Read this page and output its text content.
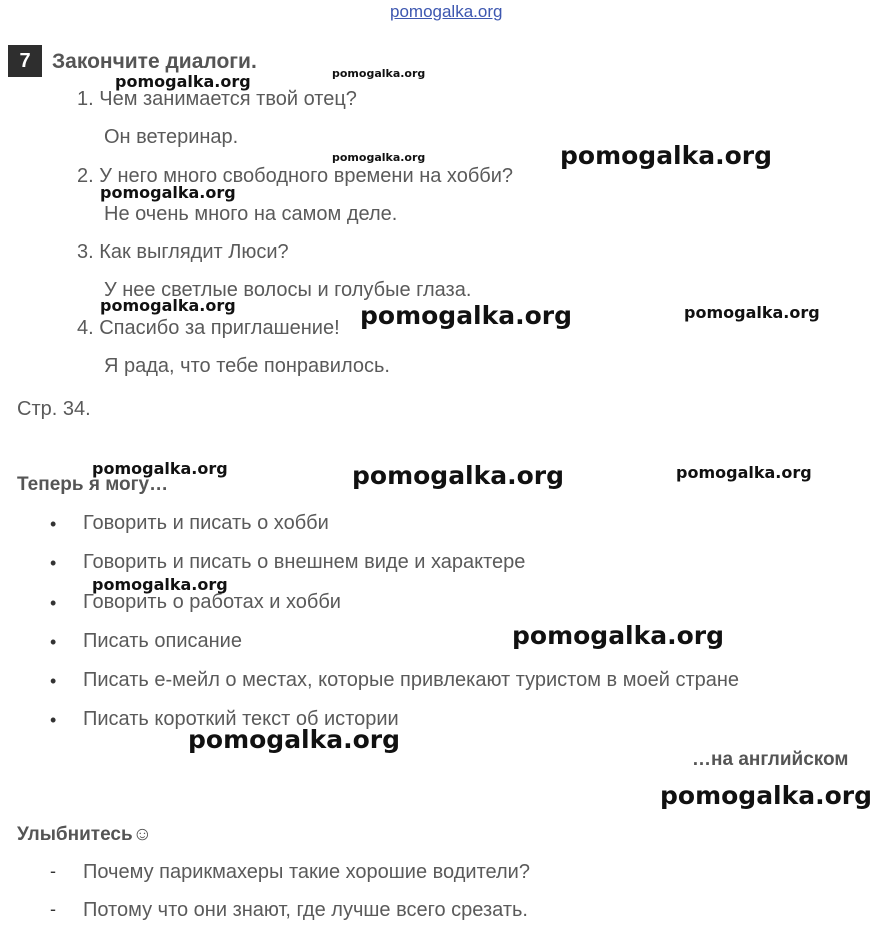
pomogalka.org
7	Закончите диалоги.
1. Чем занимается твой отец?
Он ветеринар.
2. У него много свободного времени на хобби?
Не очень много на самом деле.
3. Как выглядит Люси?
У нее светлые волосы и голубые глаза.
4. Спасибо за приглашение!
Я рада, что тебе понравилось.
Стр. 34.
Теперь я могу…
• Говорить и писать о хобби
• Говорить и писать о внешнем виде и характере
• Говорить о работах и хобби
• Писать описание
• Писать е-мейл о местах, которые привлекают туристом в моей стране
• Писать короткий текст об истории
…на английском
Улыбнитесь☺
- Почему парикмахеры такие хорошие водители?
- Потому что они знают, где лучше всего срезать.
pomogalka.org	pomogalka.org
pomogalka.org	pomogalka.org
pomogalka.org
pomogalka.org	pomogalka.org	pomogalka.org
pomogalka.org	pomogalka.org	pomogalka.org
pomogalka.org
pomogalka.org
pomogalka.org
pomogalka.org
